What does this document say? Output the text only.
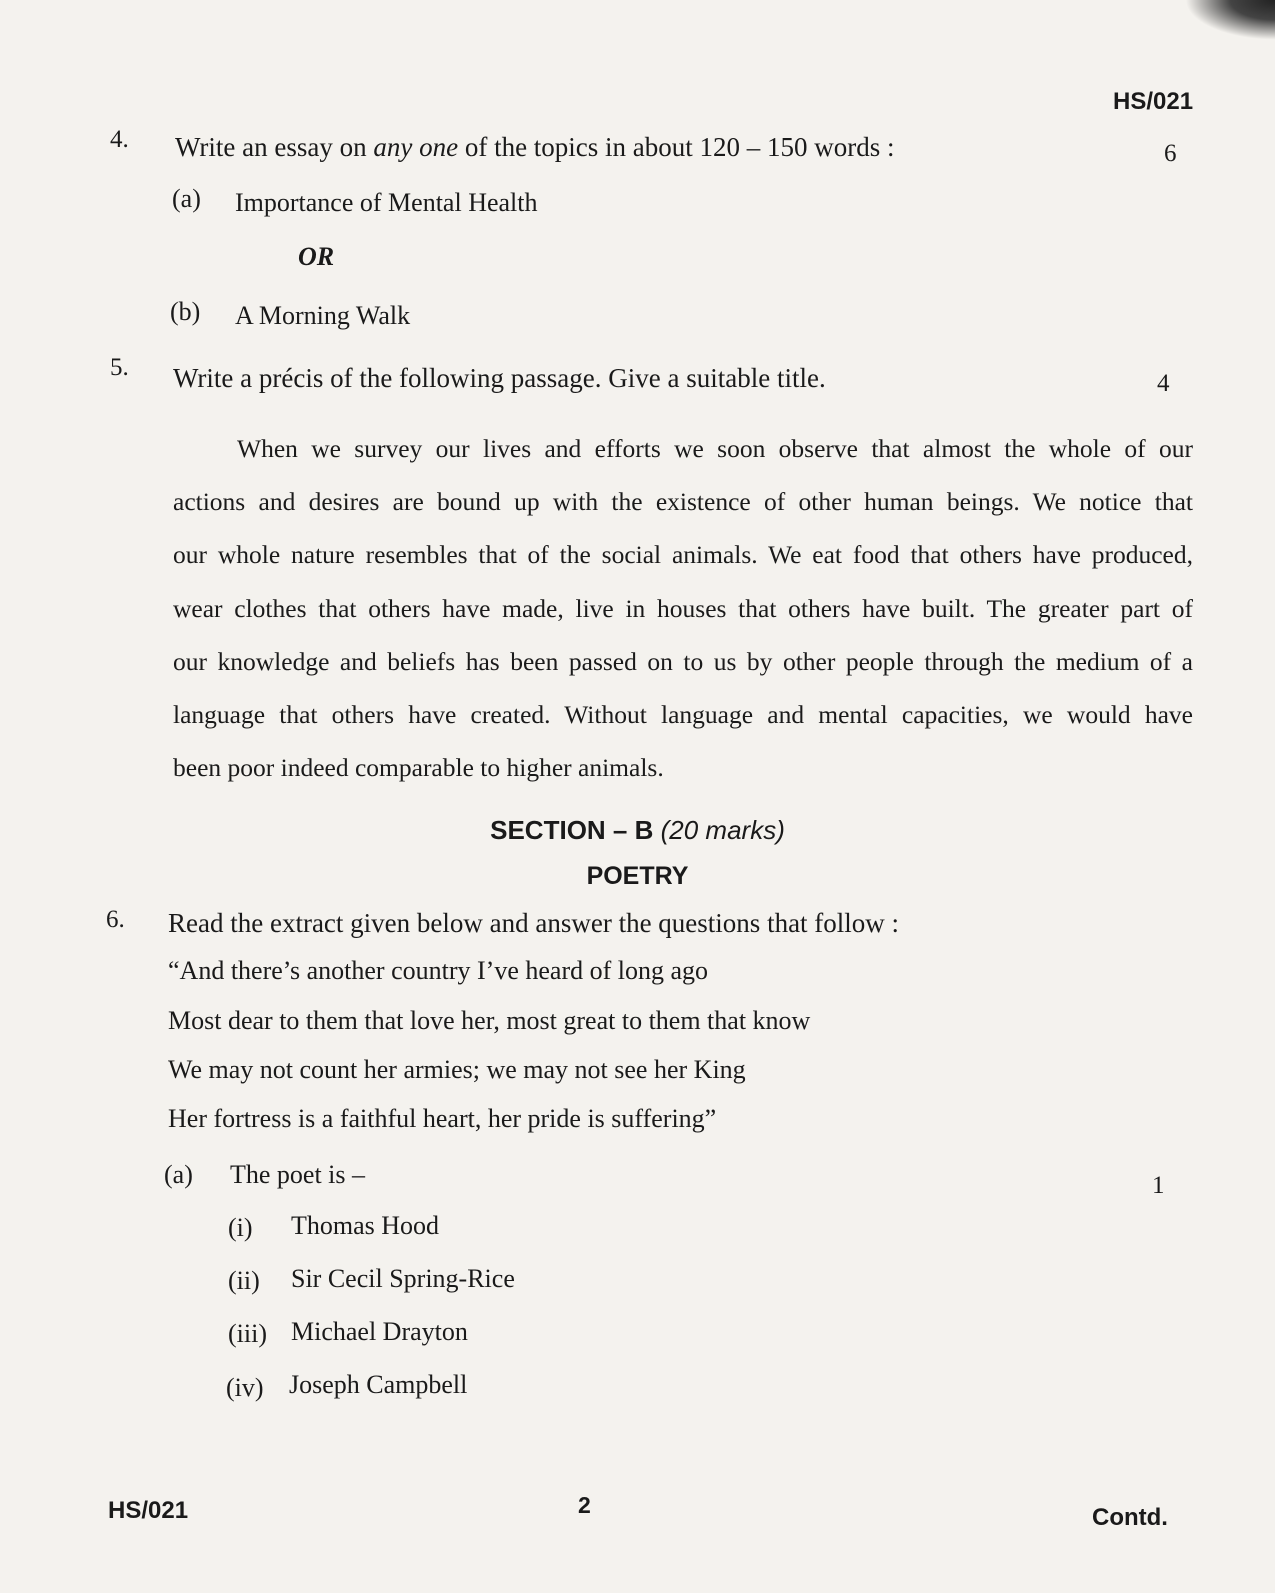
HS/021
4. Write an essay on any one of the topics in about 120 – 150 words :	6
(a) Importance of Mental Health
OR
(b) A Morning Walk
5. Write a précis of the following passage. Give a suitable title.	4
When we survey our lives and efforts we soon observe that almost the whole of our
actions and desires are bound up with the existence of other human beings. We notice that
our whole nature resembles that of the social animals. We eat food that others have produced,
wear clothes that others have made, live in houses that others have built. The greater part of
our knowledge and beliefs has been passed on to us by other people through the medium of a
language that others have created. Without language and mental capacities, we would have
been poor indeed comparable to higher animals.
SECTION – B (20 marks)
POETRY
6. Read the extract given below and answer the questions that follow :
“And there’s another country I’ve heard of long ago
Most dear to them that love her, most great to them that know
We may not count her armies; we may not see her King
Her fortress is a faithful heart, her pride is suffering”
(a) The poet is –	1
(i) Thomas Hood
(ii) Sir Cecil Spring-Rice
(iii) Michael Drayton
(iv) Joseph Campbell
HS/021	2	Contd.
